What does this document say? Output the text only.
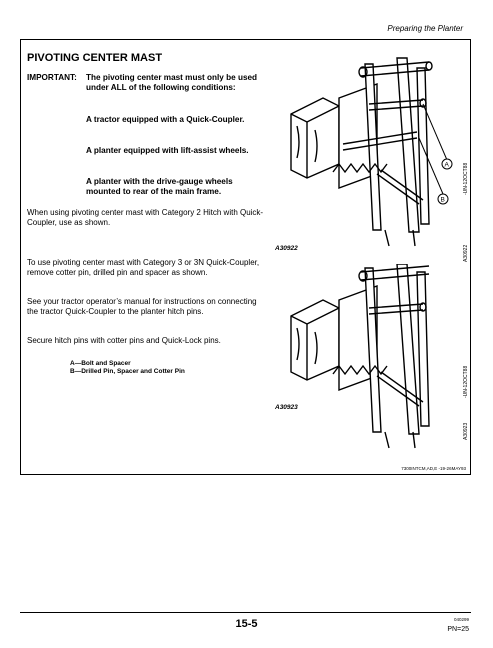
Preparing the Planter
PIVOTING CENTER MAST
IMPORTANT: The pivoting center mast must only be used under ALL of the following conditions:
A tractor equipped with a Quick-Coupler.
A planter equipped with lift-assist wheels.
A planter with the drive-gauge wheels mounted to rear of the main frame.
When using pivoting center mast with Category 2 Hitch with Quick-Coupler, use as shown.
To use pivoting center mast with Category 3 or 3N Quick-Coupler, remove cotter pin, drilled pin and spacer as shown.
See your tractor operator’s manual for instructions on connecting the tractor Quick-Coupler to the planter hitch pins.
Secure hitch pins with cotter pins and Quick-Lock pins.
A—Bolt and Spacer
B—Drilled Pin, Spacer and Cotter Pin
A
B
A30922
-UN-12OCT88
A30922
A30923
-UN-12OCT88
A30923
7300INTCM,AD,E -19-26MAY93
15-5	040299
PN=25
